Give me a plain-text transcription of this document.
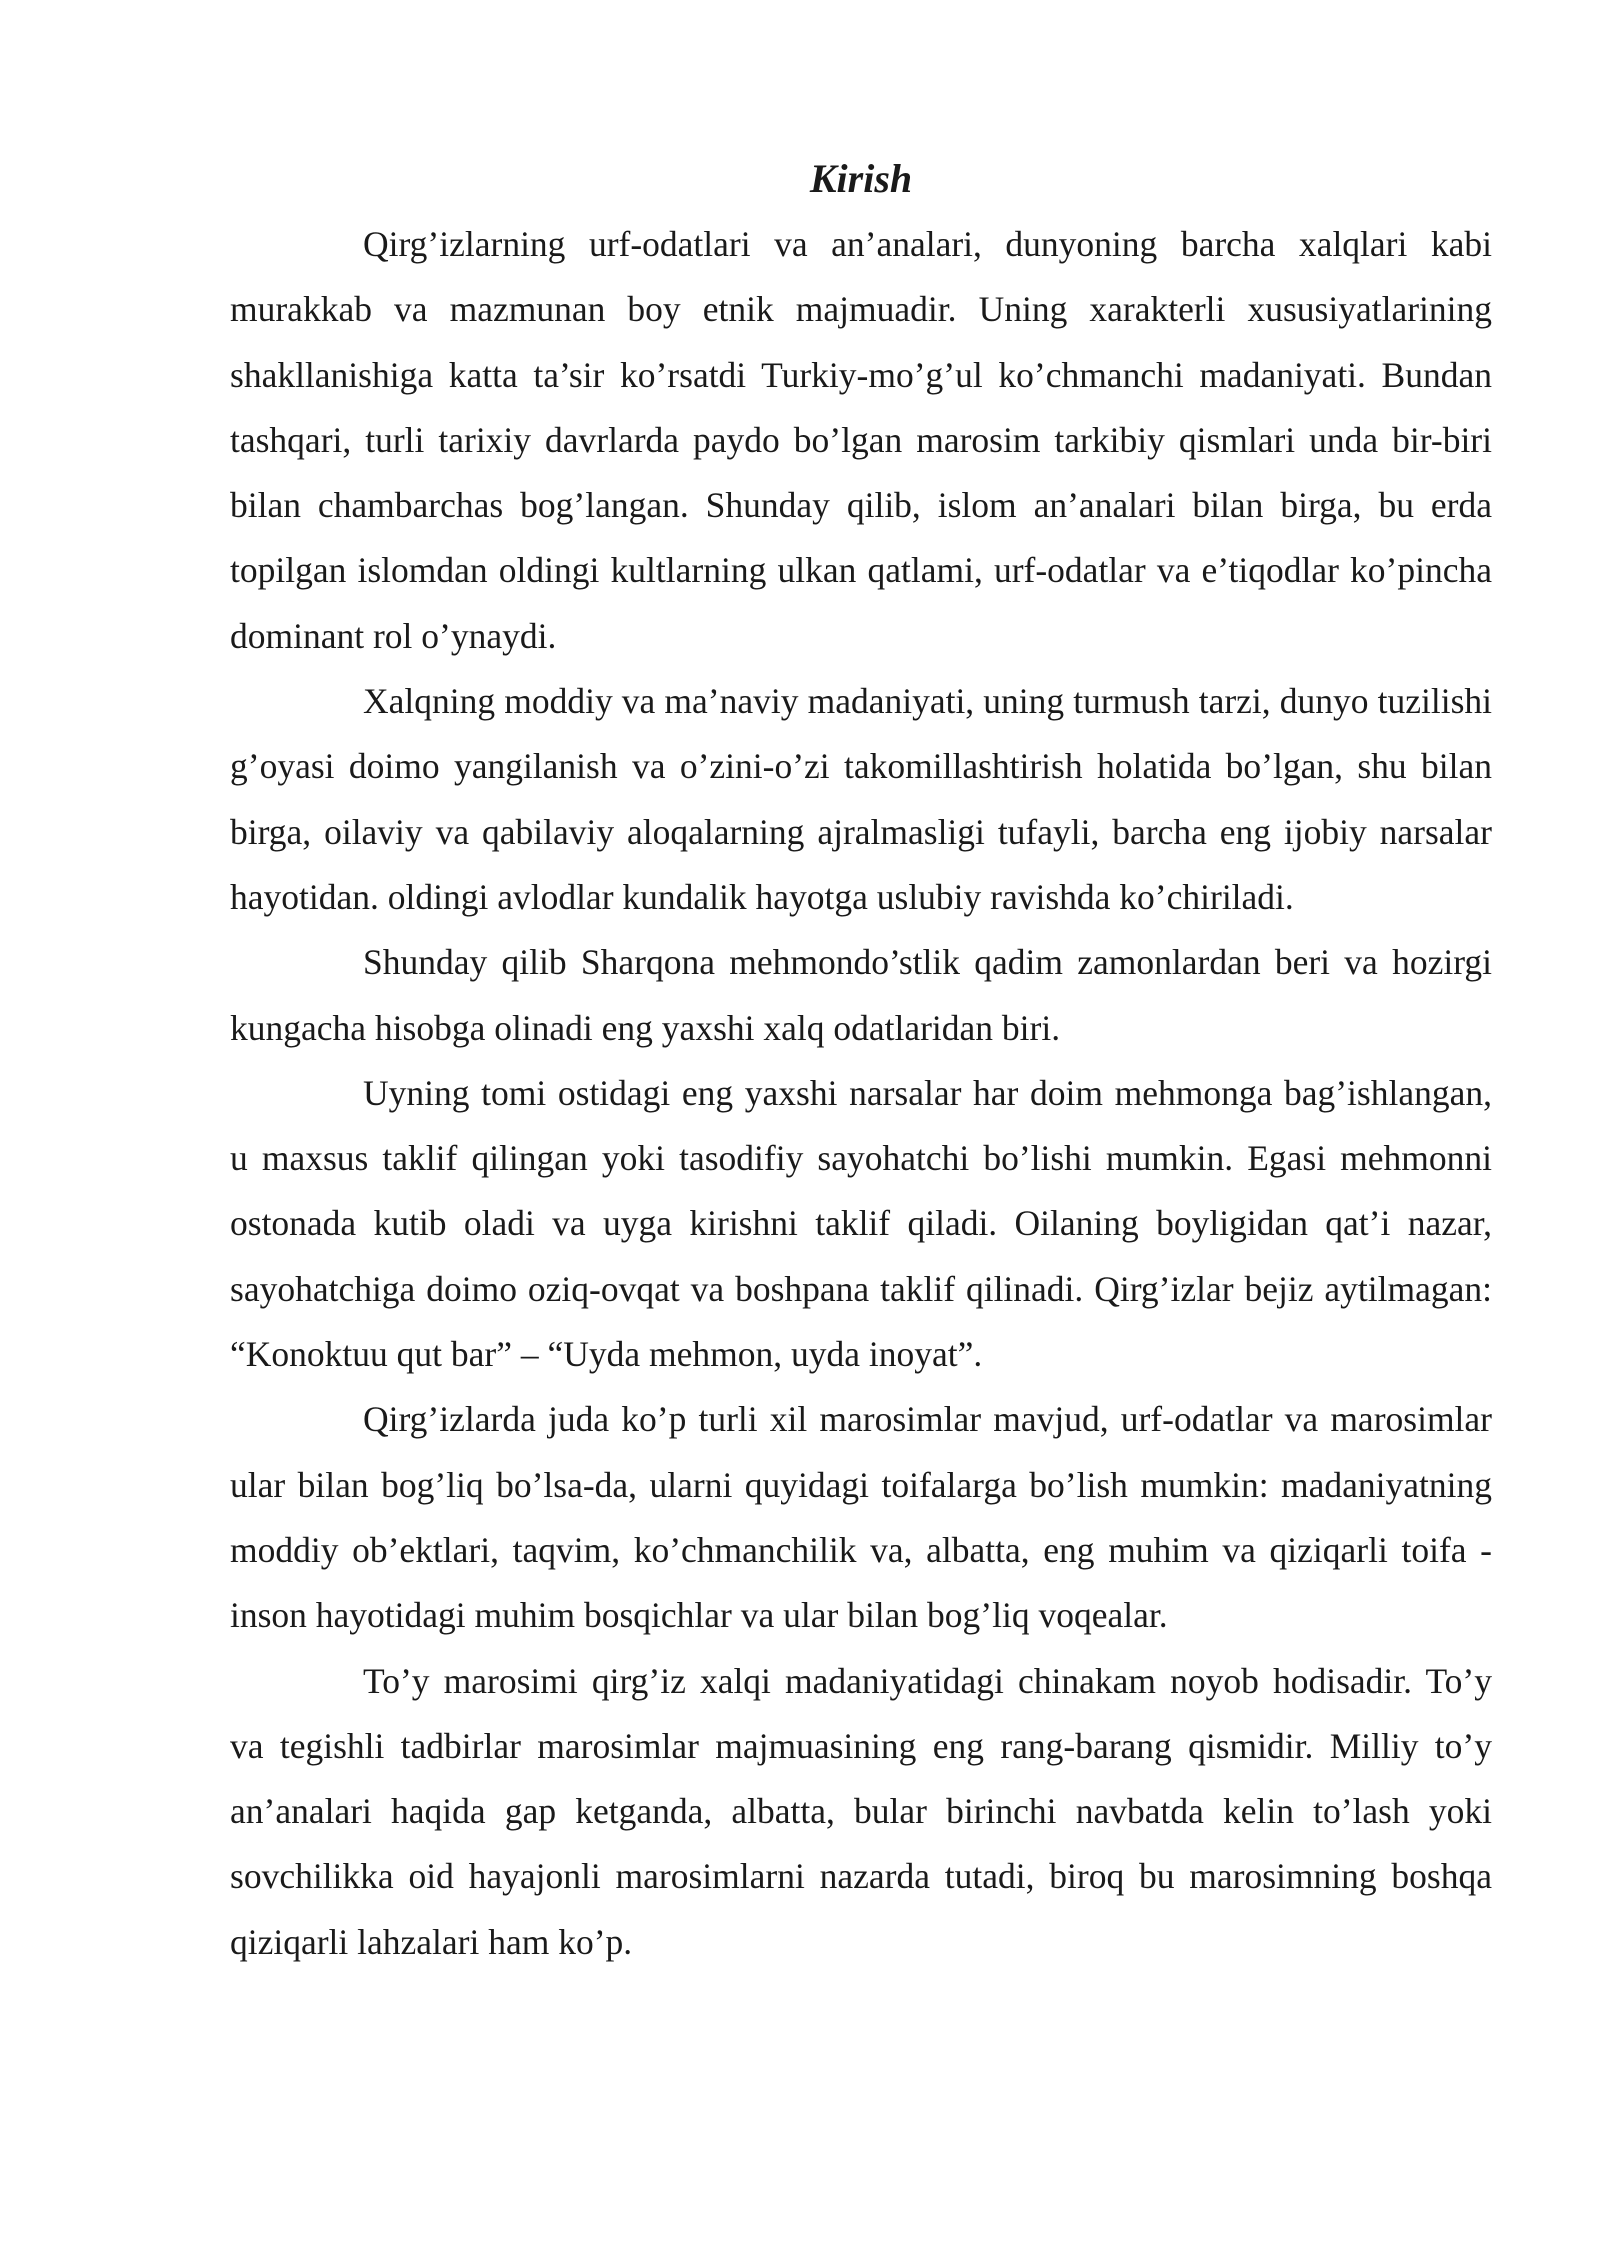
Kirish

Qirg’izlarning urf-odatlari va an’analari, dunyoning barcha xalqlari kabi murakkab va mazmunan boy etnik majmuadir. Uning xarakterli xususiyatlarining shakllanishiga katta ta’sir ko’rsatdi Turkiy-mo’g’ul ko’chmanchi madaniyati. Bundan tashqari, turli tarixiy davrlarda paydo bo’lgan marosim tarkibiy qismlari unda bir-biri bilan chambarchas bog’langan. Shunday qilib, islom an’analari bilan birga, bu erda topilgan islomdan oldingi kultlarning ulkan qatlami, urf-odatlar va e’tiqodlar ko’pincha dominant rol o’ynaydi.

Xalqning moddiy va ma’naviy madaniyati, uning turmush tarzi, dunyo tuzilishi g’oyasi doimo yangilanish va o’zini-o’zi takomillashtirish holatida bo’lgan, shu bilan birga, oilaviy va qabilaviy aloqalarning ajralmasligi tufayli, barcha eng ijobiy narsalar hayotidan. oldingi avlodlar kundalik hayotga uslubiy ravishda ko’chiriladi.

Shunday qilib Sharqona mehmondo’stlik qadim zamonlardan beri va hozirgi kungacha hisobga olinadi eng yaxshi xalq odatlaridan biri.

Uyning tomi ostidagi eng yaxshi narsalar har doim mehmonga bag’ishlangan, u maxsus taklif qilingan yoki tasodifiy sayohatchi bo’lishi mumkin. Egasi mehmonni ostonada kutib oladi va uyga kirishni taklif qiladi. Oilaning boyligidan qat’i nazar, sayohatchiga doimo oziq-ovqat va boshpana taklif qilinadi. Qirg’izlar bejiz aytilmagan: “Konoktuu qut bar” – “Uyda mehmon, uyda inoyat”.

Qirg’izlarda juda ko’p turli xil marosimlar mavjud, urf-odatlar va marosimlar ular bilan bog’liq bo’lsa-da, ularni quyidagi toifalarga bo’lish mumkin: madaniyatning moddiy ob’ektlari, taqvim, ko’chmanchilik va, albatta, eng muhim va qiziqarli toifa - inson hayotidagi muhim bosqichlar va ular bilan bog’liq voqealar.

To’y marosimi qirg’iz xalqi madaniyatidagi chinakam noyob hodisadir. To’y va tegishli tadbirlar marosimlar majmuasining eng rang-barang qismidir. Milliy to’y an’analari haqida gap ketganda, albatta, bular birinchi navbatda kelin to’lash yoki sovchilikka oid hayajonli marosimlarni nazarda tutadi, biroq bu marosimning boshqa qiziqarli lahzalari ham ko’p.
